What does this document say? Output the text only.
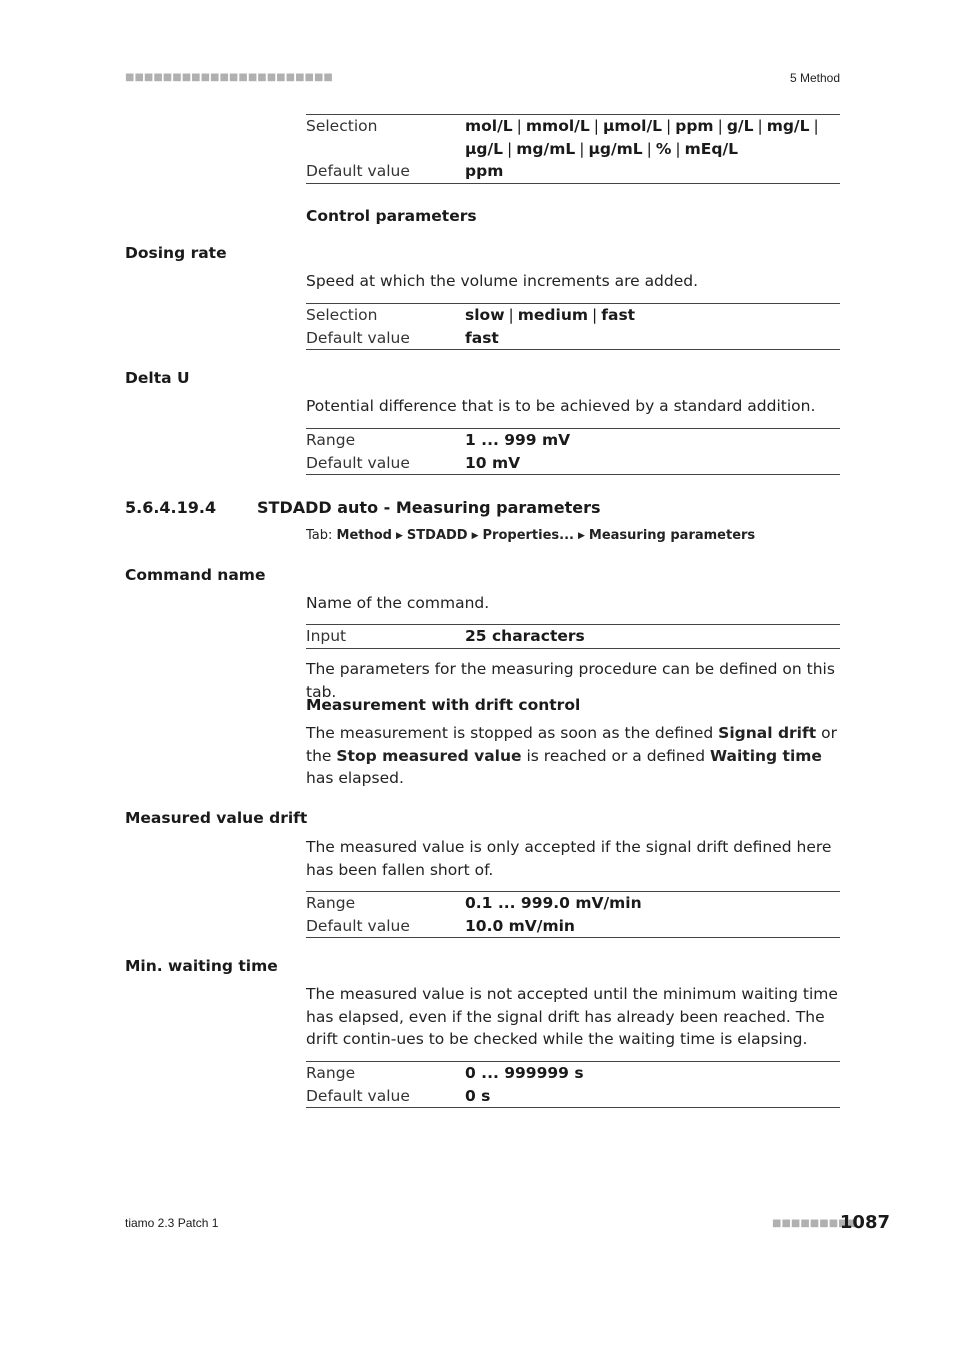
■■■■■■■■■■■■■■■■■■■■■■	5 Method
Selection	mol/L | mmol/L | µmol/L | ppm | g/L | mg/L |
µg/L | mg/mL | µg/mL | % | mEq/L
Default value	ppm
Control parameters
Dosing rate
Speed at which the volume increments are added.
Selection	slow | medium | fast
Default value	fast
Delta U
Potential difference that is to be achieved by a standard addition.
Range	1 ... 999 mV
Default value	10 mV
5.6.4.19.4	STDADD auto - Measuring parameters
Tab: Method ▶ STDADD ▶ Properties... ▶ Measuring parameters
Command name
Name of the command.
Input	25 characters
The parameters for the measuring procedure can be defined on this tab.
Measurement with drift control
The measurement is stopped as soon as the defined Signal drift or the Stop measured value is reached or a defined Waiting time has elapsed.
Measured value drift
The measured value is only accepted if the signal drift defined here has been fallen short of.
Range	0.1 ... 999.0 mV/min
Default value	10.0 mV/min
Min. waiting time
The measured value is not accepted until the minimum waiting time has elapsed, even if the signal drift has already been reached. The drift contin-ues to be checked while the waiting time is elapsing.
Range	0 ... 999999 s
Default value	0 s
tiamo 2.3 Patch 1	■■■■■■■■■
1087
